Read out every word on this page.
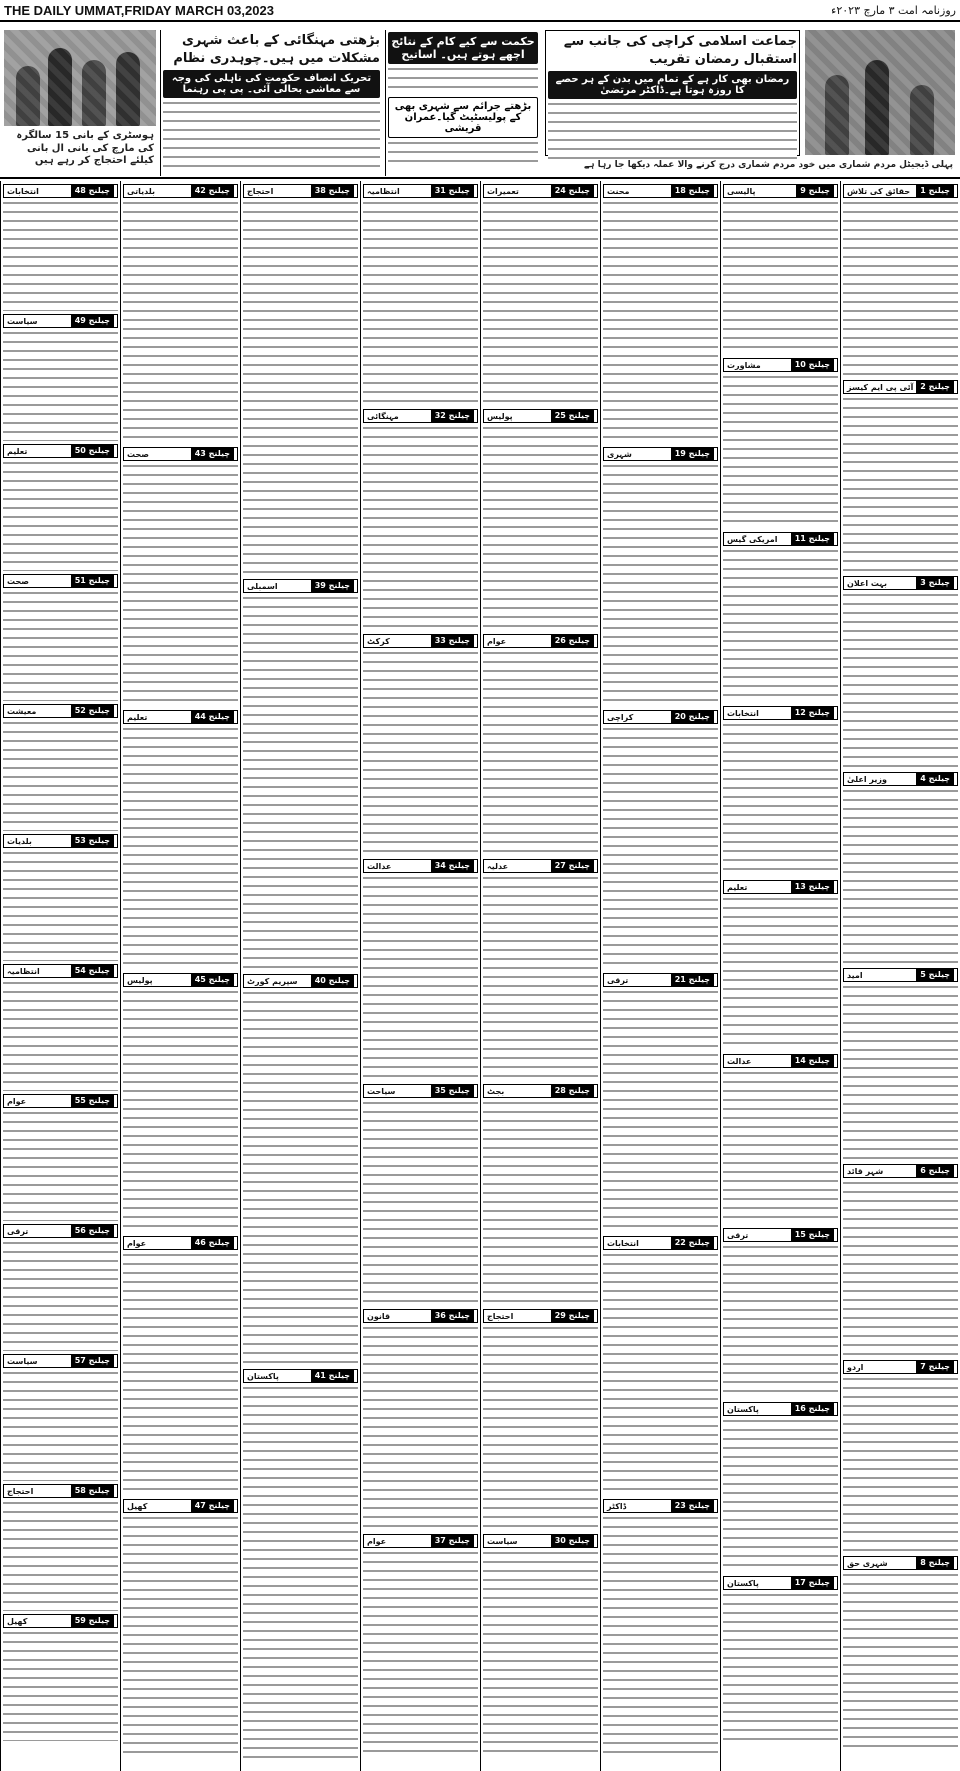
THE DAILY UMMAT,FRIDAY MARCH 03,2023	روزنامہ امت ۳ مارچ ۲۰۲۳ء
جماعت اسلامی کراچی کی جانب سے استقبال رمضان تقریب
رمضان بھی کار ہے کے تمام میں بدن کے ہر حصے کا روزہ ہوتا ہے۔ڈاکٹر مرتضیٰ
پہلی ڈیجیٹل مردم شماری میں خود مردم شماری درج کرنے والا عملہ دیکھا جا رہا ہے
حکمت سے کیے کام کے نتائج اچھے ہوتے ہیں۔ اساتیح
بڑھتے جرائم سے شہری بھی کے پولیسٹیٹ گیا۔عمران قریشی
بڑھتی مہنگائی کے باعث شہری مشکلات میں ہیں۔چوہدری نظام
تحریک انصاف حکومت کی ناہلی کی وجہ سے معاشی بحالی آئی۔ پی پی رہنما
ہوسٹری کے بانی 15 سالگرہ کی مارچ کی بانی ال بانی کیلئے احتجاج کر رہے ہیں
چیلنج 1
حقائق کی تلاش
چیلنج 2
آئی پی ایم کیسز
چیلنج 3
بہت اعلان
چیلنج 4
وزیر اعلیٰ
چیلنج 5
امید
چیلنج 6
شہر قائد
چیلنج 7
اردو
چیلنج 8
شہری حق
چیلنج 9
پالیسی
چیلنج 10
مشاورت
چیلنج 11
امریکی گیس
چیلنج 12
انتخابات
چیلنج 13
تعلیم
چیلنج 14
عدالت
چیلنج 15
ترقی
چیلنج 16
پاکستان
چیلنج 17
پاکستان
چیلنج 18
محنت
چیلنج 19
شہری
چیلنج 20
کراچی
چیلنج 21
ترقی
چیلنج 22
انتخابات
چیلنج 23
ڈاکٹر
چیلنج 24
تعمیرات
چیلنج 25
پولیس
چیلنج 26
عوام
چیلنج 27
عدلیہ
چیلنج 28
بجٹ
چیلنج 29
احتجاج
چیلنج 30
سیاست
چیلنج 31
انتظامیہ
چیلنج 32
مہنگائی
چیلنج 33
کرکٹ
چیلنج 34
عدالت
چیلنج 35
سیاحت
چیلنج 36
قانون
چیلنج 37
عوام
چیلنج 38
احتجاج
چیلنج 39
اسمبلی
چیلنج 40
سپریم کورٹ
چیلنج 41
پاکستان
چیلنج 42
بلدیاتی
چیلنج 43
صحت
چیلنج 44
تعلیم
چیلنج 45
پولیس
چیلنج 46
عوام
چیلنج 47
کھیل
چیلنج 48
انتخابات
چیلنج 49
سیاست
چیلنج 50
تعلیم
چیلنج 51
صحت
چیلنج 52
معیشت
چیلنج 53
بلدیات
چیلنج 54
انتظامیہ
چیلنج 55
عوام
چیلنج 56
ترقی
چیلنج 57
سیاست
چیلنج 58
احتجاج
چیلنج 59
کھیل
